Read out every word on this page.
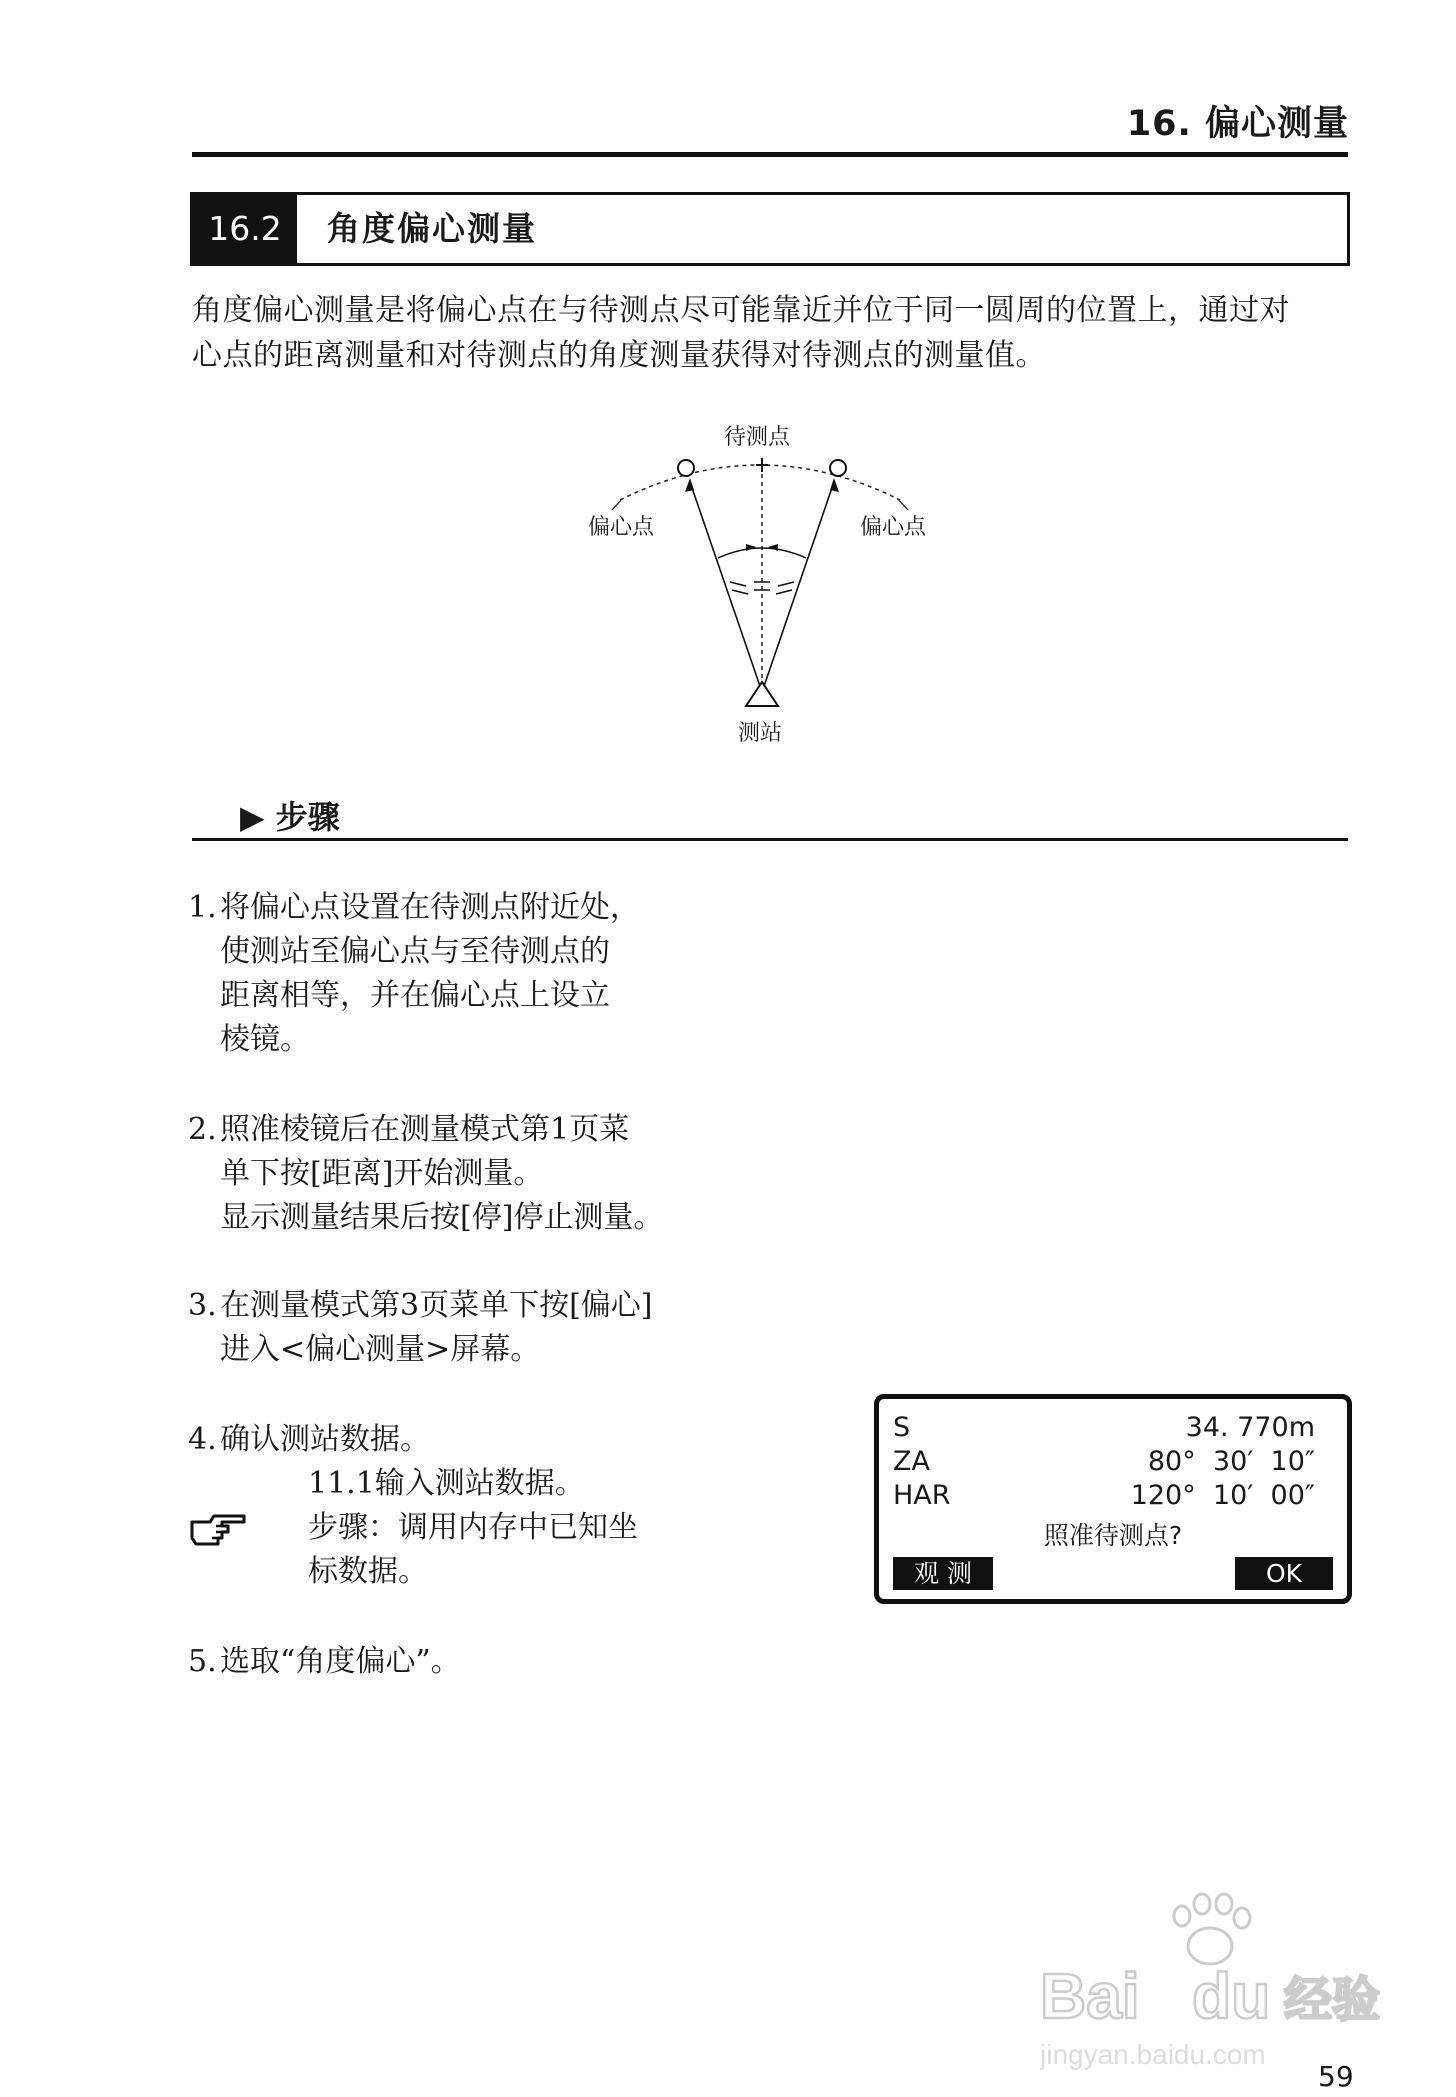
16. 偏心测量
16.2	角度偏心测量
角度偏心测量是将偏心点在与待测点尽可能靠近并位于同一圆周的位置上，通过对
心点的距离测量和对待测点的角度测量获得对待测点的测量值。
待测点
偏心点	偏心点
测站
▶ 步骤
1. 将偏心点设置在待测点附近处，
使测站至偏心点与至待测点的
距离相等，并在偏心点上设立
棱镜。
2. 照准棱镜后在测量模式第1页菜
单下按[距离]开始测量。
显示测量结果后按[停]停止测量。
3. 在测量模式第3页菜单下按[偏心]
进入<偏心测量>屏幕。
4. 确认测站数据。
11.1输入测站数据。
步骤：调用内存中已知坐
标数据。
5. 选取“角度偏心”。
S	34. 770m
ZA	80°  30′  10″
HAR	120°  10′  00″
照准待测点?
观 测	OK
Bai du 经验
jingyan.baidu.com
59
